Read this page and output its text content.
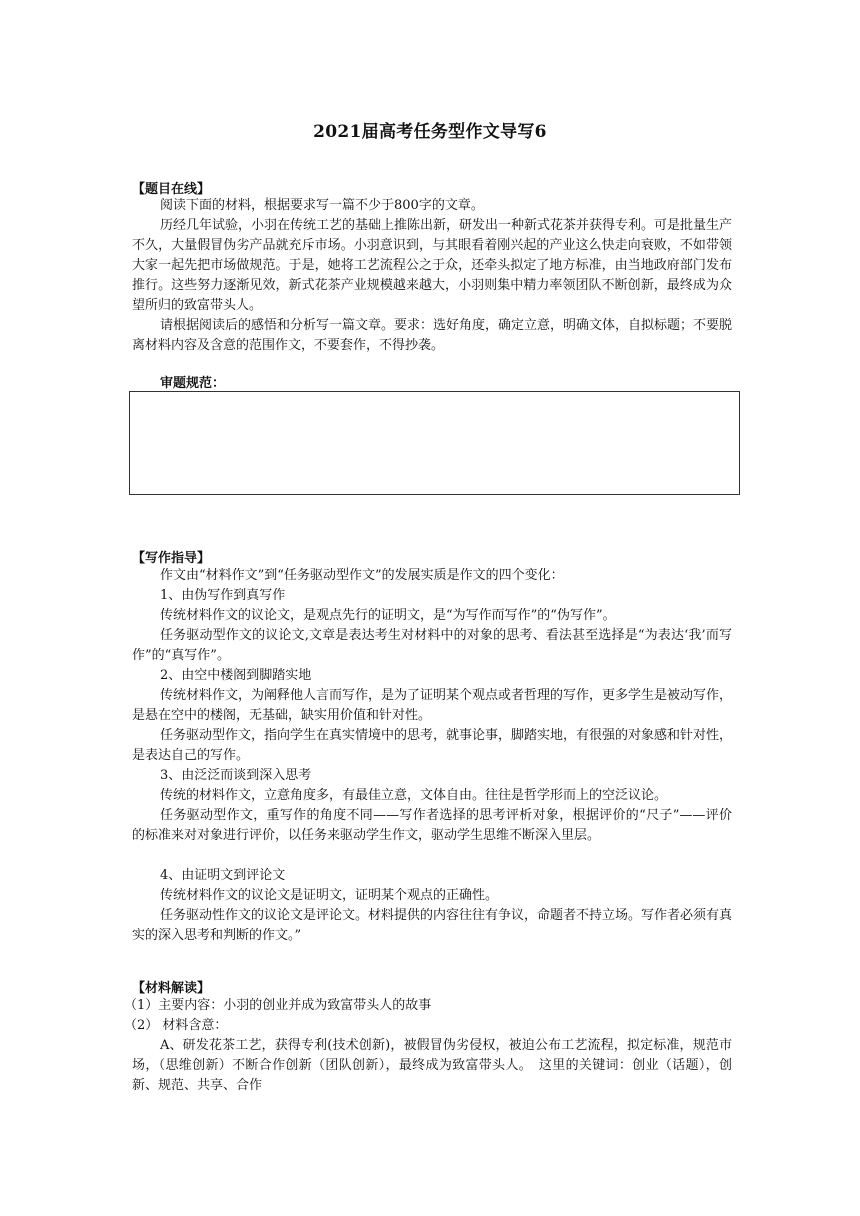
2021届高考任务型作文导写6
【题目在线】

阅读下面的材料，根据要求写一篇不少于800字的文章。

历经几年试验，小羽在传统工艺的基础上推陈出新，研发出一种新式花茶并获得专利。可是批量生产不久，大量假冒伪劣产品就充斥市场。小羽意识到，与其眼看着刚兴起的产业这么快走向衰败，不如带领大家一起先把市场做规范。于是，她将工艺流程公之于众，还牵头拟定了地方标准，由当地政府部门发布推行。这些努力逐渐见效，新式花茶产业规模越来越大，小羽则集中精力率领团队不断创新，最终成为众望所归的致富带头人。

请根据阅读后的感悟和分析写一篇文章。要求：选好角度，确定立意，明确文体，自拟标题；不要脱离材料内容及含意的范围作文，不要套作，不得抄袭。

审题规范：
【写作指导】

作文由“材料作文”到“任务驱动型作文”的发展实质是作文的四个变化：

1、由伪写作到真写作

传统材料作文的议论文，是观点先行的证明文，是“为写作而写作”的“伪写作”。

任务驱动型作文的议论文,文章是表达考生对材料中的对象的思考、看法甚至选择是“为表达‘我’而写作”的“真写作”。

2、由空中楼阁到脚踏实地

传统材料作文，为阐释他人言而写作，是为了证明某个观点或者哲理的写作，更多学生是被动写作，是悬在空中的楼阁，无基础，缺实用价值和针对性。

任务驱动型作文，指向学生在真实情境中的思考，就事论事，脚踏实地，有很强的对象感和针对性，是表达自己的写作。

3、由泛泛而谈到深入思考

传统的材料作文，立意角度多，有最佳立意，文体自由。往往是哲学形而上的空泛议论。

任务驱动型作文，重写作的角度不同——写作者选择的思考评析对象，根据评价的“尺子”——评价的标准来对对象进行评价，以任务来驱动学生作文，驱动学生思维不断深入里层。

4、由证明文到评论文

传统材料作文的议论文是证明文，证明某个观点的正确性。

任务驱动性作文的议论文是评论文。材料提供的内容往往有争议，命题者不持立场。写作者必须有真实的深入思考和判断的作文。”

【材料解读】

（1）主要内容：小羽的创业并成为致富带头人的故事

（2） 材料含意：

A、研发花茶工艺，获得专利(技术创新)，被假冒伪劣侵权，被迫公布工艺流程，拟定标准，规范市场，（思维创新）不断合作创新（团队创新），最终成为致富带头人。　这里的关键词：创业（话题），创新、规范、共享、合作
